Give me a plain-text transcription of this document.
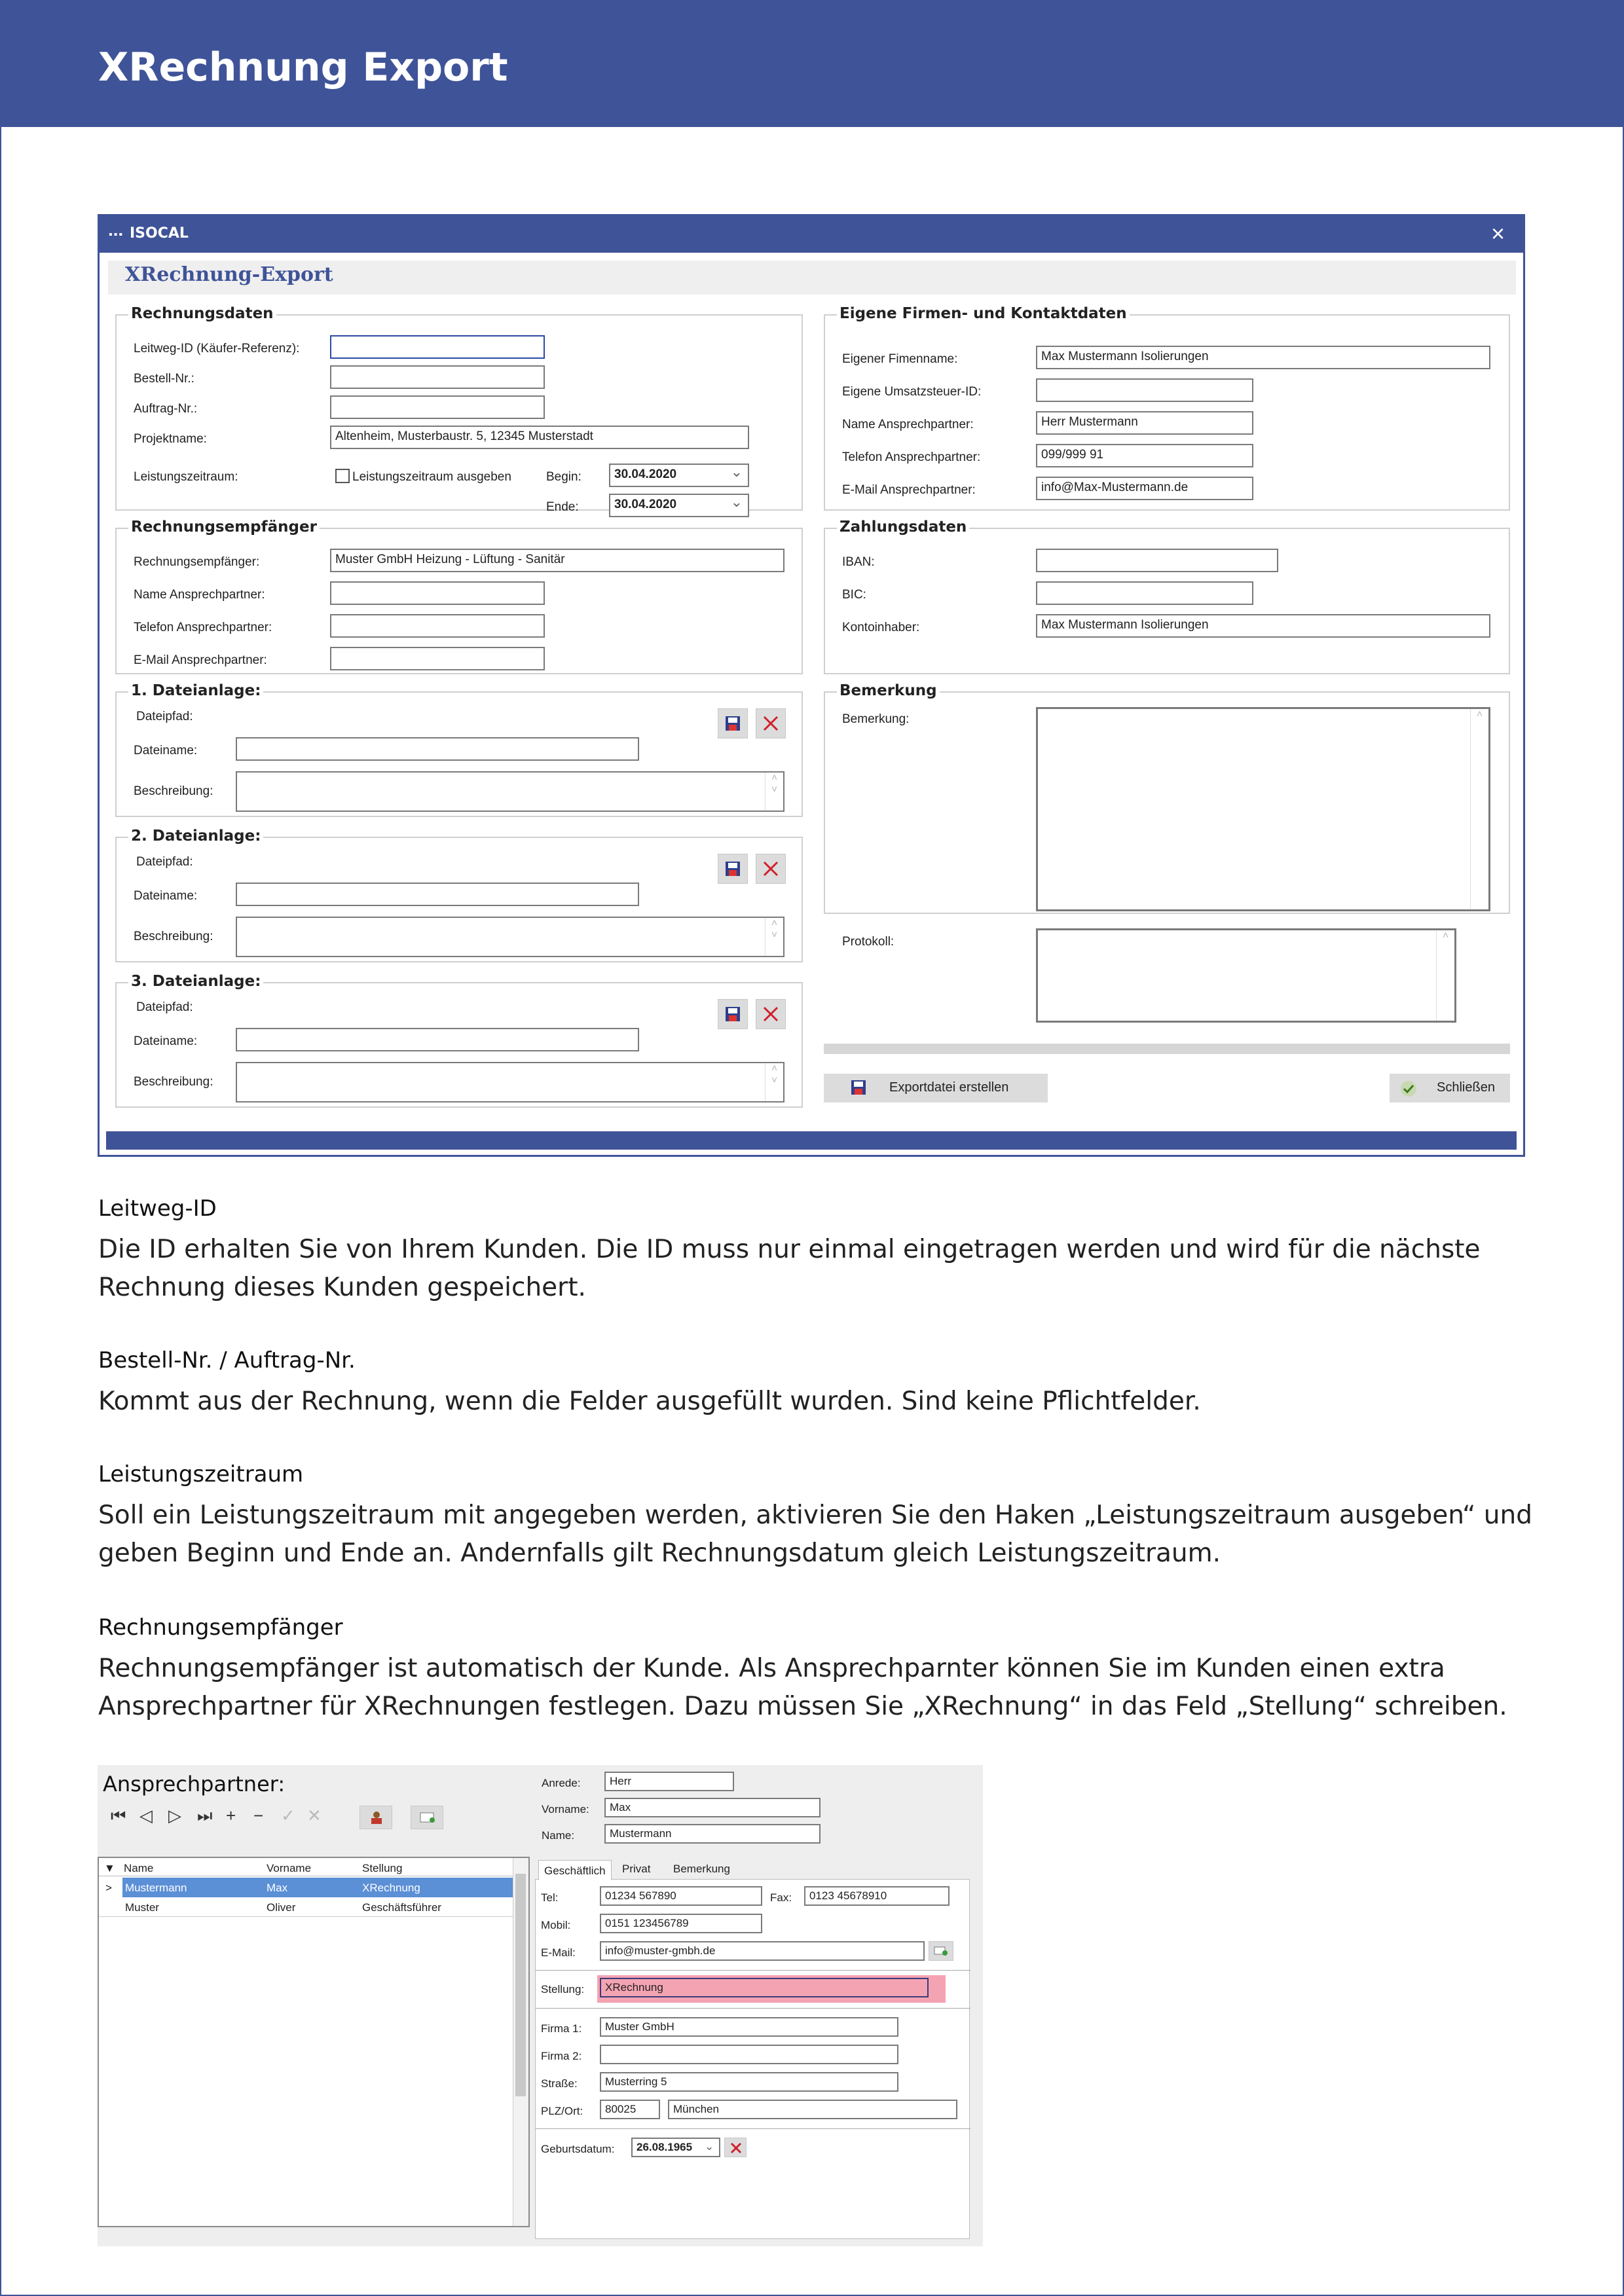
XRechnung Export
▪▪▪ ISOCAL	×
XRechnung-Export
Rechnungsdaten
Leitweg-ID (Käufer-Referenz):
Bestell-Nr.:
Auftrag-Nr.:
Projektname:	Altenheim, Musterbaustr. 5, 12345 Musterstadt
Leistungszeitraum:	Leistungszeitraum ausgeben	Begin:	30.04.2020 ⌄
Ende:	30.04.2020 ⌄
Rechnungsempfänger
Rechnungsempfänger:	Muster GmbH Heizung - Lüftung - Sanitär
Name Ansprechpartner:
Telefon Ansprechpartner:
E-Mail Ansprechpartner:
1. Dateianlage:
Dateipfad:
Dateiname:
Beschreibung:
˄
˅
2. Dateianlage:
Dateipfad:
Dateiname:
Beschreibung:
˄
˅
3. Dateianlage:
Dateipfad:
Dateiname:
Beschreibung:
˄
˅
Eigene Firmen- und Kontaktdaten
Eigener Fimenname:	Max Mustermann Isolierungen
Eigene Umsatzsteuer-ID:
Name Ansprechpartner:	Herr Mustermann
Telefon Ansprechpartner:	099/999 91
E-Mail Ansprechpartner:	info@Max-Mustermann.de
Zahlungsdaten
IBAN:
BIC:
Kontoinhaber:	Max Mustermann Isolierungen
Bemerkung
Bemerkung:	˄
Protokoll:	˄
Exportdatei erstellen	Schließen
Leitweg-ID
Die ID erhalten Sie von Ihrem Kunden. Die ID muss nur einmal eingetragen werden und wird für die nächste
Rechnung dieses Kunden gespeichert.
Bestell-Nr. / Auftrag-Nr.
Kommt aus der Rechnung, wenn die Felder ausgefüllt wurden. Sind keine Pflichtfelder.
Leistungszeitraum
Soll ein Leistungszeitraum mit angegeben werden, aktivieren Sie den Haken „Leistungszeitraum ausgeben“ und
geben Beginn und Ende an. Andernfalls gilt Rechnungsdatum gleich Leistungszeitraum.
Rechnungsempfänger
Rechnungsempfänger ist automatisch der Kunde. Als Ansprechparnter können Sie im Kunden einen extra
Ansprechpartner für XRechnungen festlegen. Dazu müssen Sie „XRechnung“ in das Feld „Stellung“ schreiben.
Ansprechpartner:
⏮ ◁ ▷ ⏭ + − ✓ ✕
▼ Name	Vorname	Stellung
> Mustermann	Max	XRechnung
Muster	Oliver	Geschäftsführer
Anrede:	Herr
Vorname:	Max
Name:	Mustermann
Geschäftlich	Privat Bemerkung
Tel:	01234 567890	Fax:	0123 45678910
Mobil:	0151 123456789
E-Mail:	info@muster-gmbh.de
Stellung:	XRechnung
Firma 1:	Muster GmbH
Firma 2:
Straße:	Musterring 5
PLZ/Ort:	80025	München
Geburtsdatum:	26.08.1965	⌄
